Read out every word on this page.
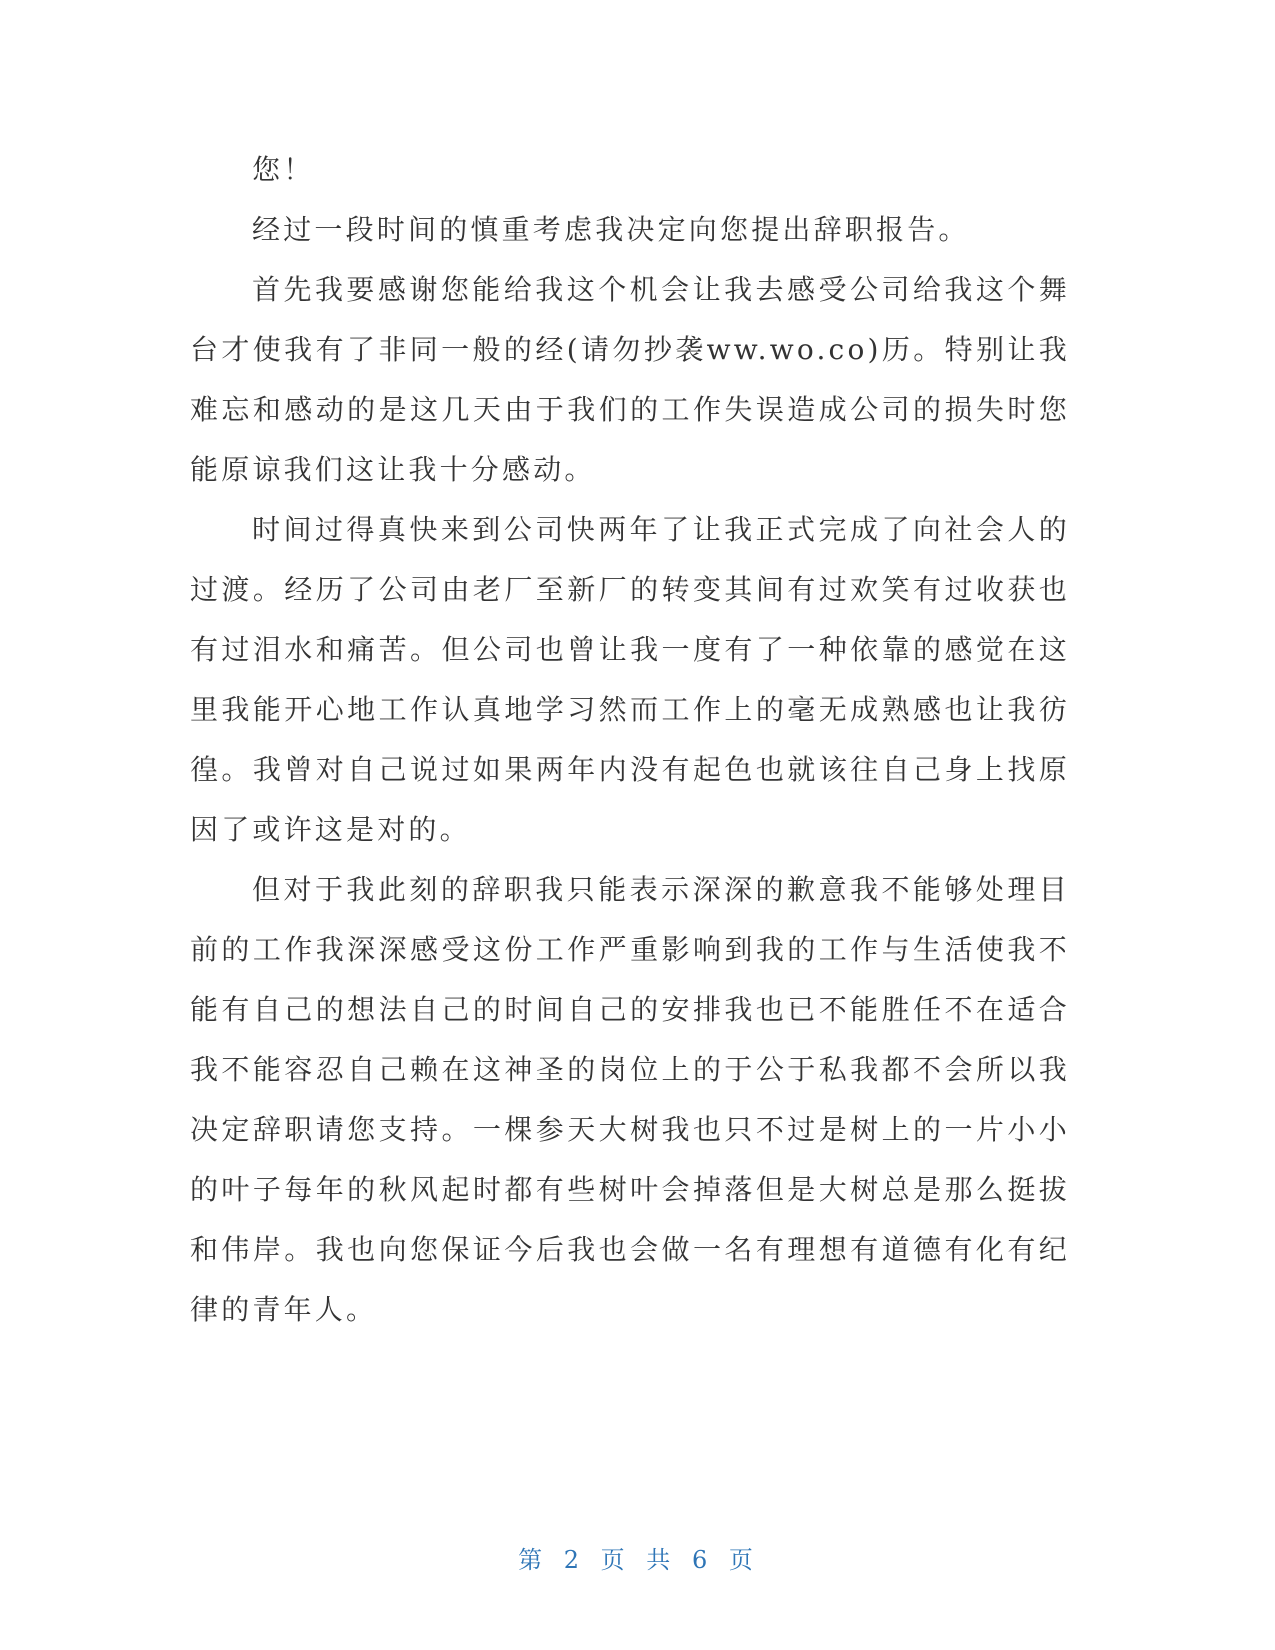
您！

经过一段时间的慎重考虑我决定向您提出辞职报告。

首先我要感谢您能给我这个机会让我去感受公司给我这个舞台才使我有了非同一般的经(请勿抄袭ww.wo.co)历。特别让我难忘和感动的是这几天由于我们的工作失误造成公司的损失时您能原谅我们这让我十分感动。

时间过得真快来到公司快两年了让我正式完成了向社会人的过渡。经历了公司由老厂至新厂的转变其间有过欢笑有过收获也有过泪水和痛苦。但公司也曾让我一度有了一种依靠的感觉在这里我能开心地工作认真地学习然而工作上的毫无成熟感也让我彷徨。我曾对自己说过如果两年内没有起色也就该往自己身上找原因了或许这是对的。

但对于我此刻的辞职我只能表示深深的歉意我不能够处理目前的工作我深深感受这份工作严重影响到我的工作与生活使我不能有自己的想法自己的时间自己的安排我也已不能胜任不在适合我不能容忍自己赖在这神圣的岗位上的于公于私我都不会所以我决定辞职请您支持。一棵参天大树我也只不过是树上的一片小小的叶子每年的秋风起时都有些树叶会掉落但是大树总是那么挺拔和伟岸。我也向您保证今后我也会做一名有理想有道德有化有纪律的青年人。

第 2 页 共 6 页
